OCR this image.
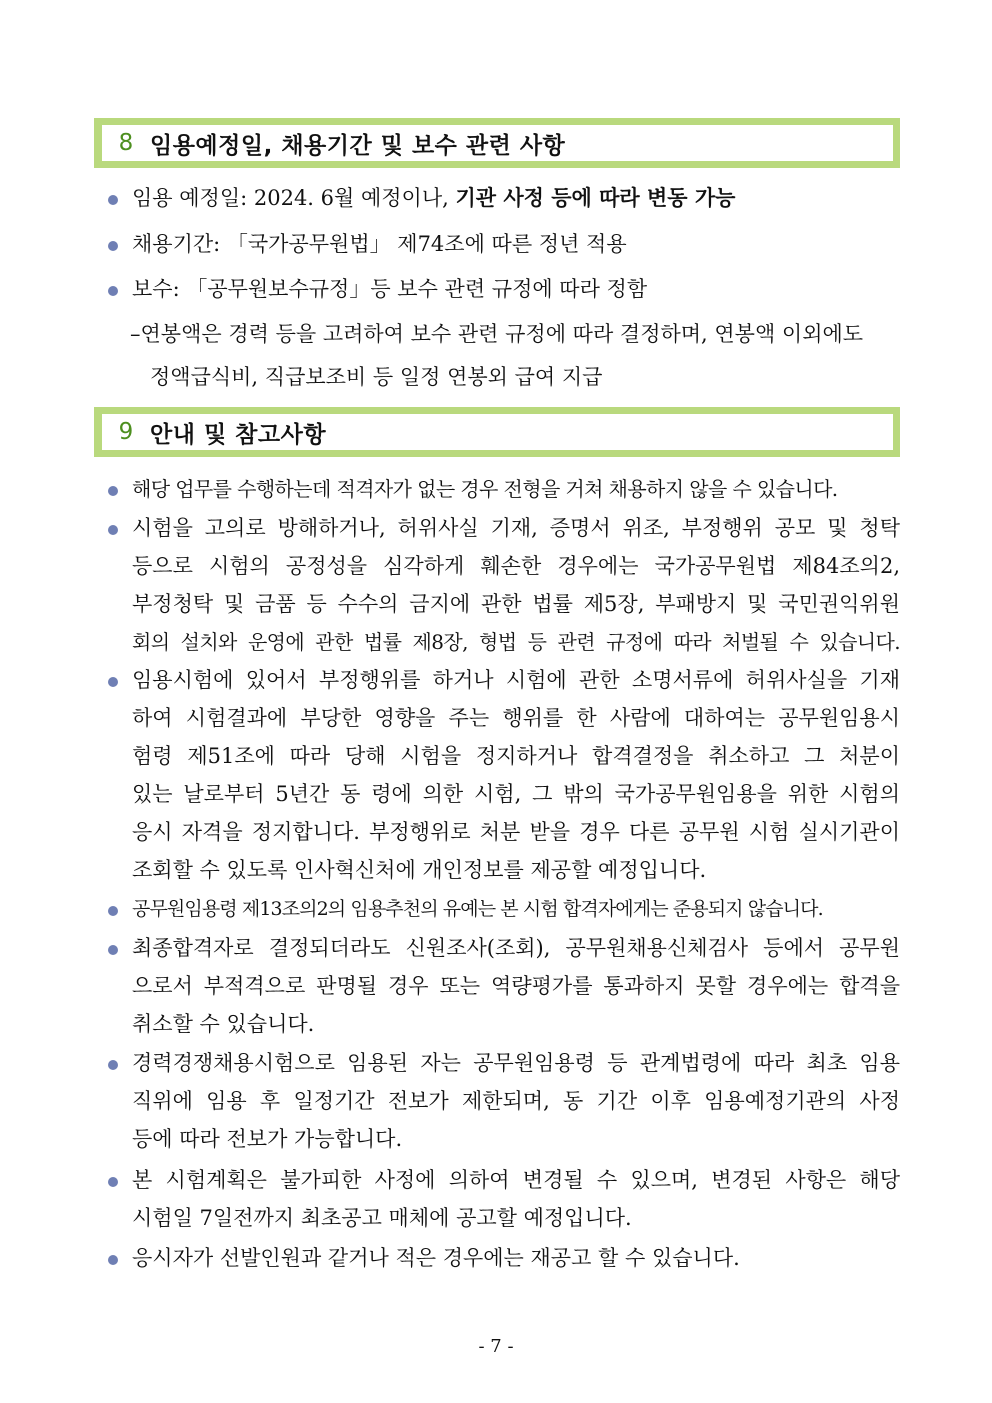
8 임용예정일, 채용기간 및 보수 관련 사항
임용 예정일: 2024. 6월 예정이나, 기관 사정 등에 따라 변동 가능
채용기간: 「국가공무원법」 제74조에 따른 정년 적용
보수: 「공무원보수규정」등 보수 관련 규정에 따라 정함
–연봉액은 경력 등을 고려하여 보수 관련 규정에 따라 결정하며, 연봉액 이외에도
정액급식비, 직급보조비 등 일정 연봉외 급여 지급
9 안내 및 참고사항
해당 업무를 수행하는데 적격자가 없는 경우 전형을 거쳐 채용하지 않을 수 있습니다.
시험을 고의로 방해하거나, 허위사실 기재, 증명서 위조, 부정행위 공모 및 청탁
등으로 시험의 공정성을 심각하게 훼손한 경우에는 국가공무원법 제84조의2,
부정청탁 및 금품 등 수수의 금지에 관한 법률 제5장, 부패방지 및 국민권익위원
회의 설치와 운영에 관한 법률 제8장, 형법 등 관련 규정에 따라 처벌될 수 있습니다.
임용시험에 있어서 부정행위를 하거나 시험에 관한 소명서류에 허위사실을 기재
하여 시험결과에 부당한 영향을 주는 행위를 한 사람에 대하여는 공무원임용시
험령 제51조에 따라 당해 시험을 정지하거나 합격결정을 취소하고 그 처분이
있는 날로부터 5년간 동 령에 의한 시험, 그 밖의 국가공무원임용을 위한 시험의
응시 자격을 정지합니다. 부정행위로 처분 받을 경우 다른 공무원 시험 실시기관이
조회할 수 있도록 인사혁신처에 개인정보를 제공할 예정입니다.
공무원임용령 제13조의2의 임용추천의 유예는 본 시험 합격자에게는 준용되지 않습니다.
최종합격자로 결정되더라도 신원조사(조회), 공무원채용신체검사 등에서 공무원
으로서 부적격으로 판명될 경우 또는 역량평가를 통과하지 못할 경우에는 합격을
취소할 수 있습니다.
경력경쟁채용시험으로 임용된 자는 공무원임용령 등 관계법령에 따라 최초 임용
직위에 임용 후 일정기간 전보가 제한되며, 동 기간 이후 임용예정기관의 사정
등에 따라 전보가 가능합니다.
본 시험계획은 불가피한 사정에 의하여 변경될 수 있으며, 변경된 사항은 해당
시험일 7일전까지 최초공고 매체에 공고할 예정입니다.
응시자가 선발인원과 같거나 적은 경우에는 재공고 할 수 있습니다.
- 7 -
